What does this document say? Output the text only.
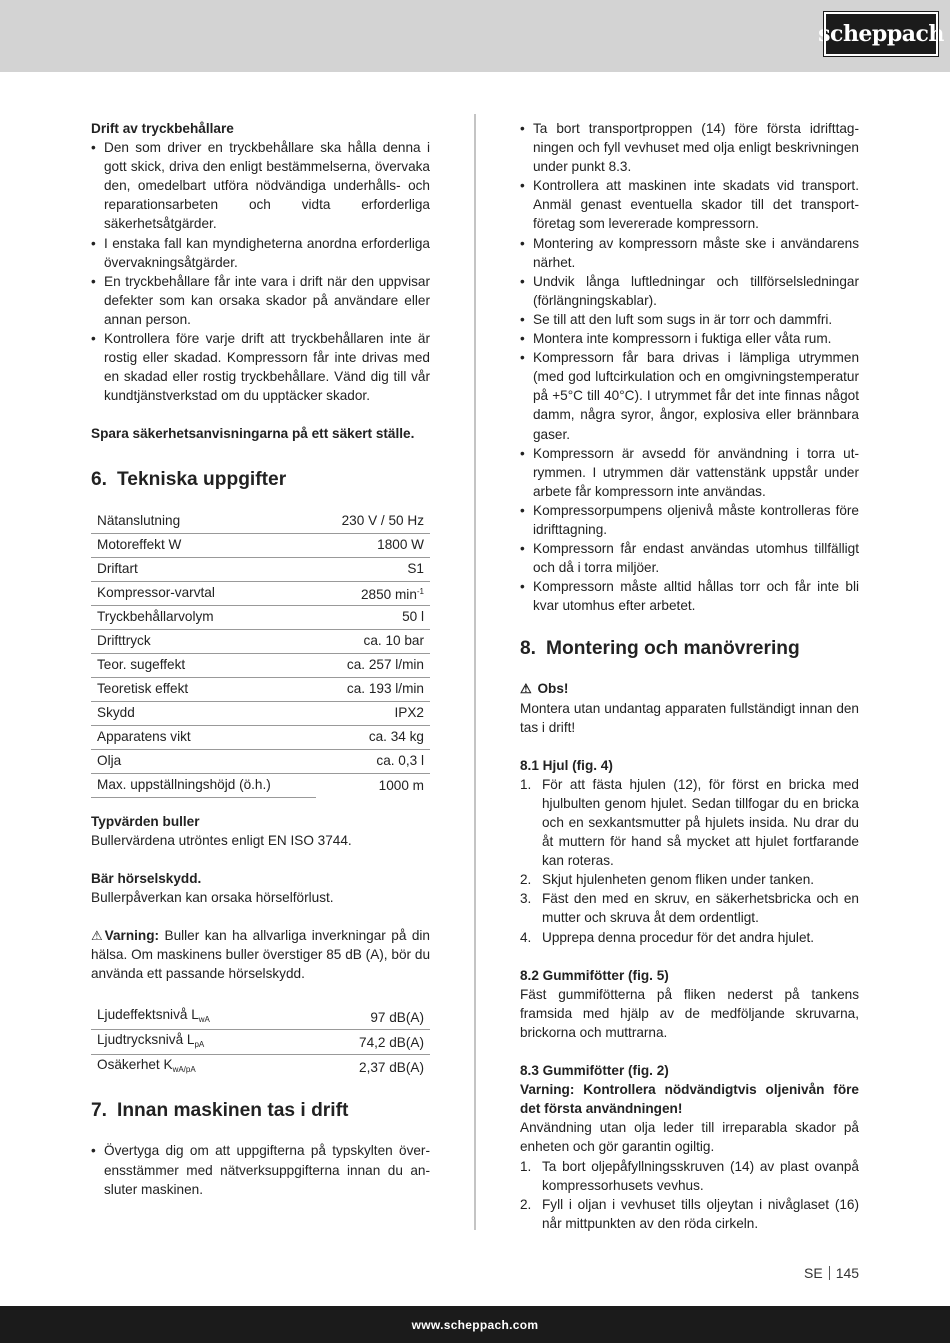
scheppach

Drift av tryckbehållare

• Den som driver en tryckbehållare ska hålla denna i gott skick, driva den enligt bestämmelserna, övervaka den, omedelbart utföra nödvändiga underhålls- och reparationsarbeten och vidta erforderliga säkerhetsåtgärder.
• I enstaka fall kan myndigheterna anordna erforderliga övervakningsåtgärder.
• En tryckbehållare får inte vara i drift när den uppvisar defekter som kan orsaka skador på användare eller annan person.
• Kontrollera före varje drift att tryckbehållaren inte är rostig eller skadad. Kompressorn får inte drivas med en skadad eller rostig tryckbehållare. Vänd dig till vår kundtjänstverkstad om du upptäcker skador.

Spara säkerhetsanvisningarna på ett säkert ställe.

6. Tekniska uppgifter
Nätanslutning	230 V / 50 Hz
Motoreffekt W	1800 W
Driftart	S1
Kompressor-varvtal	2850 $\min^{-1}$
Tryckbehållarvolym	50 l
Drifttryck	ca. 10 bar
Teor. sugeffekt	ca. 257 l/min
Teoretisk effekt	ca. 193 l/min
Skydd	IPX2
Apparatens vikt	ca. 34 kg
Olja	ca. 0,3 l
Max. uppställningshöjd (ö.h.)	1000 m

Typvärden buller

Bullervärdena utröntes enligt EN ISO 3744.

Bär hörselskydd.

Bullerpåverkan kan orsaka hörselförlust.

⚠ Varning: Buller kan ha allvarliga inverkningar på din hälsa. Om maskinens buller överstiger 85 dB (A), bör du använda ett passande hörselskydd.

Ljudeffektsnivå $L_{wA}$	97 dB(A)
Ljudtrycksnivå $L_{pA}$	74,2 dB(A)
Osäkerhet $K_{wA/pA}$	2,37 dB(A)
7. Innan maskinen tas i drift
• Övertyga dig om att uppgifterna på typskylten överensstämmer med nätverksuppgifterna innan du ansluter maskinen.
• Ta bort transportproppen (14) före första idrifttagningen och fyll vevhuset med olja enligt beskrivningen under punkt 8.3.
• Kontrollera att maskinen inte skadats vid transport. Anmäl genast eventuella skador till det transportföretag som levererade kompressorn.
• Montering av kompressorn måste ske i användarens närhet.
• Undvik långa luftledningar och tillförselsledningar (förlängningskablar).
• Se till att den luft som sugs in är torr och dammfri.
• Montera inte kompressorn i fuktiga eller våta rum.
• Kompressorn får bara drivas i lämpliga utrymmen (med god luftcirkulation och en omgivningstemperatur på +5°C till 40°C). I utrymmet får det inte finnas något damm, några syror, ångor, explosiva eller brännbara gaser.
• Kompressorn är avsedd för användning i torra utrymmen. I utrymmen där vattenstänk uppstår under arbete får kompressorn inte användas.
• Kompressorpumpens oljenivå måste kontrolleras före idrifttagning.
• Kompressorn får endast användas utomhus tillfälligt och då i torra miljöer.
• Kompressorn måste alltid hållas torr och får inte bli kvar utomhus efter arbetet.
8. Montering och manövrering

⚠ Obs!

Montera utan undantag apparaten fullständigt innan den tas i drift!

8.1 Hjul (fig. 4)

1. För att fästa hjulen (12), för först en bricka med hjulbulten genom hjulet. Sedan tillfogar du en bricka och en sexkantsmutter på hjulets insida. Nu drar du åt muttern för hand så mycket att hjulet fortfarande kan roteras.
2. Skjut hjulenheten genom fliken under tanken.
3. Fäst den med en skruv, en säkerhetsbricka och en mutter och skruva åt dem ordentligt.
4. Upprepa denna procedur för det andra hjulet.

8.2 Gummifötter (fig. 5)

Fäst gummifötterna på fliken nederst på tankens framsida med hjälp av de medföljande skruvarna, brickorna och muttrarna.

8.3 Gummifötter (fig. 2)

Varning: Kontrollera nödvändigtvis oljenivån före det första användningen!

Användning utan olja leder till irreparabla skador på enheten och gör garantin ogiltig.

1. Ta bort oljepåfyllningsskruven (14) av plast ovanpå kompressorhusets vevhus.
2. Fyll i oljan i vevhuset tills oljeytan i nivåglaset (16) når mittpunkten av den röda cirkeln.
SE 145
www.scheppach.com
